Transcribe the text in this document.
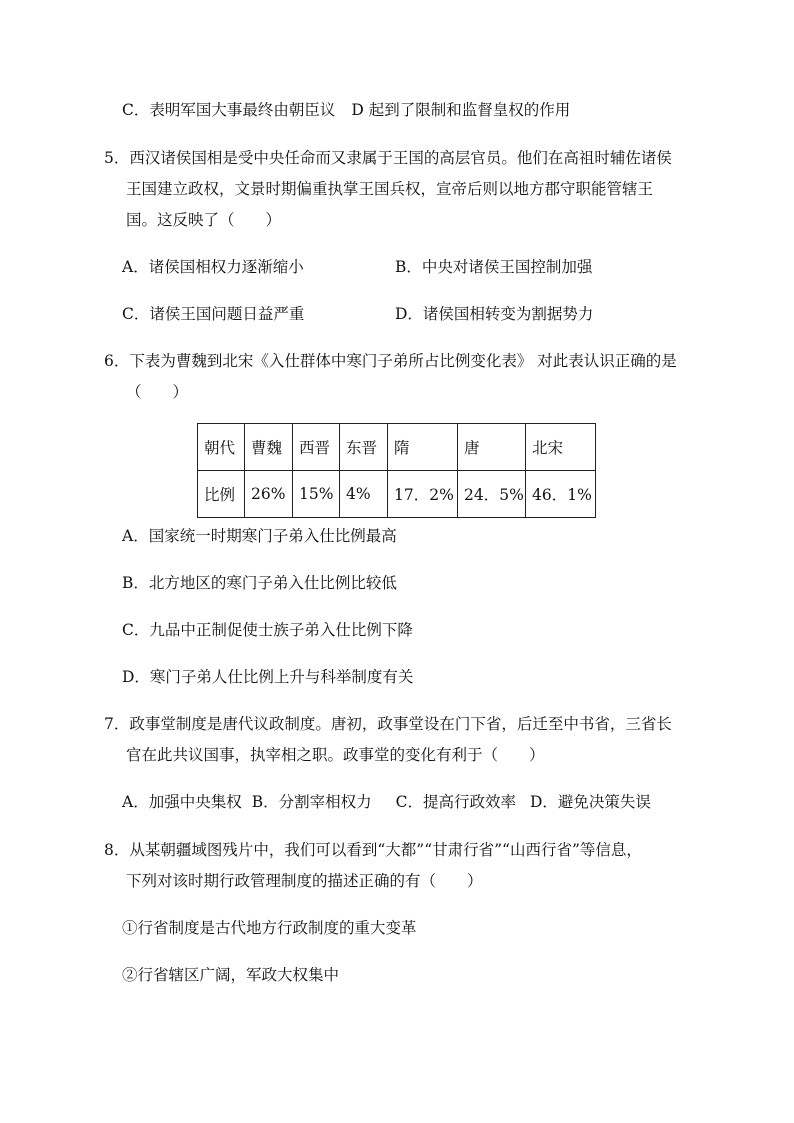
C．表明军国大事最终由朝臣议 D 起到了限制和监督皇权的作用
5．西汉诸侯国相是受中央任命而又隶属于王国的高层官员。他们在高祖时辅佐诸侯
王国建立政权，文景时期偏重执掌王国兵权，宣帝后则以地方郡守职能管辖王
国。这反映了（　　）
A．诸侯国相权力逐渐缩小	B．中央对诸侯王国控制加强
C．诸侯王国问题日益严重	D．诸侯国相转变为割据势力
6．下表为曹魏到北宋《入仕群体中寒门子弟所占比例变化表》 对此表认识正确的是
（　　）
朝代	曹魏	西晋	东晋	隋	唐	北宋
比例	26%	15%	4%	17．2%	24．5%	46．1%
A．国家统一时期寒门子弟入仕比例最高
B．北方地区的寒门子弟入仕比例比较低
C．九品中正制促使士族子弟入仕比例下降
D．寒门子弟人仕比例上升与科举制度有关
7．政事堂制度是唐代议政制度。唐初，政事堂设在门下省，后迁至中书省，三省长
官在此共议国事，执宰相之职。政事堂的变化有利于（　　）
A．加强中央集权 B．分割宰相权力 C．提高行政效率 D．避免决策失误
8．从某朝疆域图残片中，我们可以看到“大都”“甘肃行省”“山西行省”等信息，
下列对该时期行政管理制度的描述正确的有（　　）
①行省制度是古代地方行政制度的重大变革
②行省辖区广阔，军政大权集中
